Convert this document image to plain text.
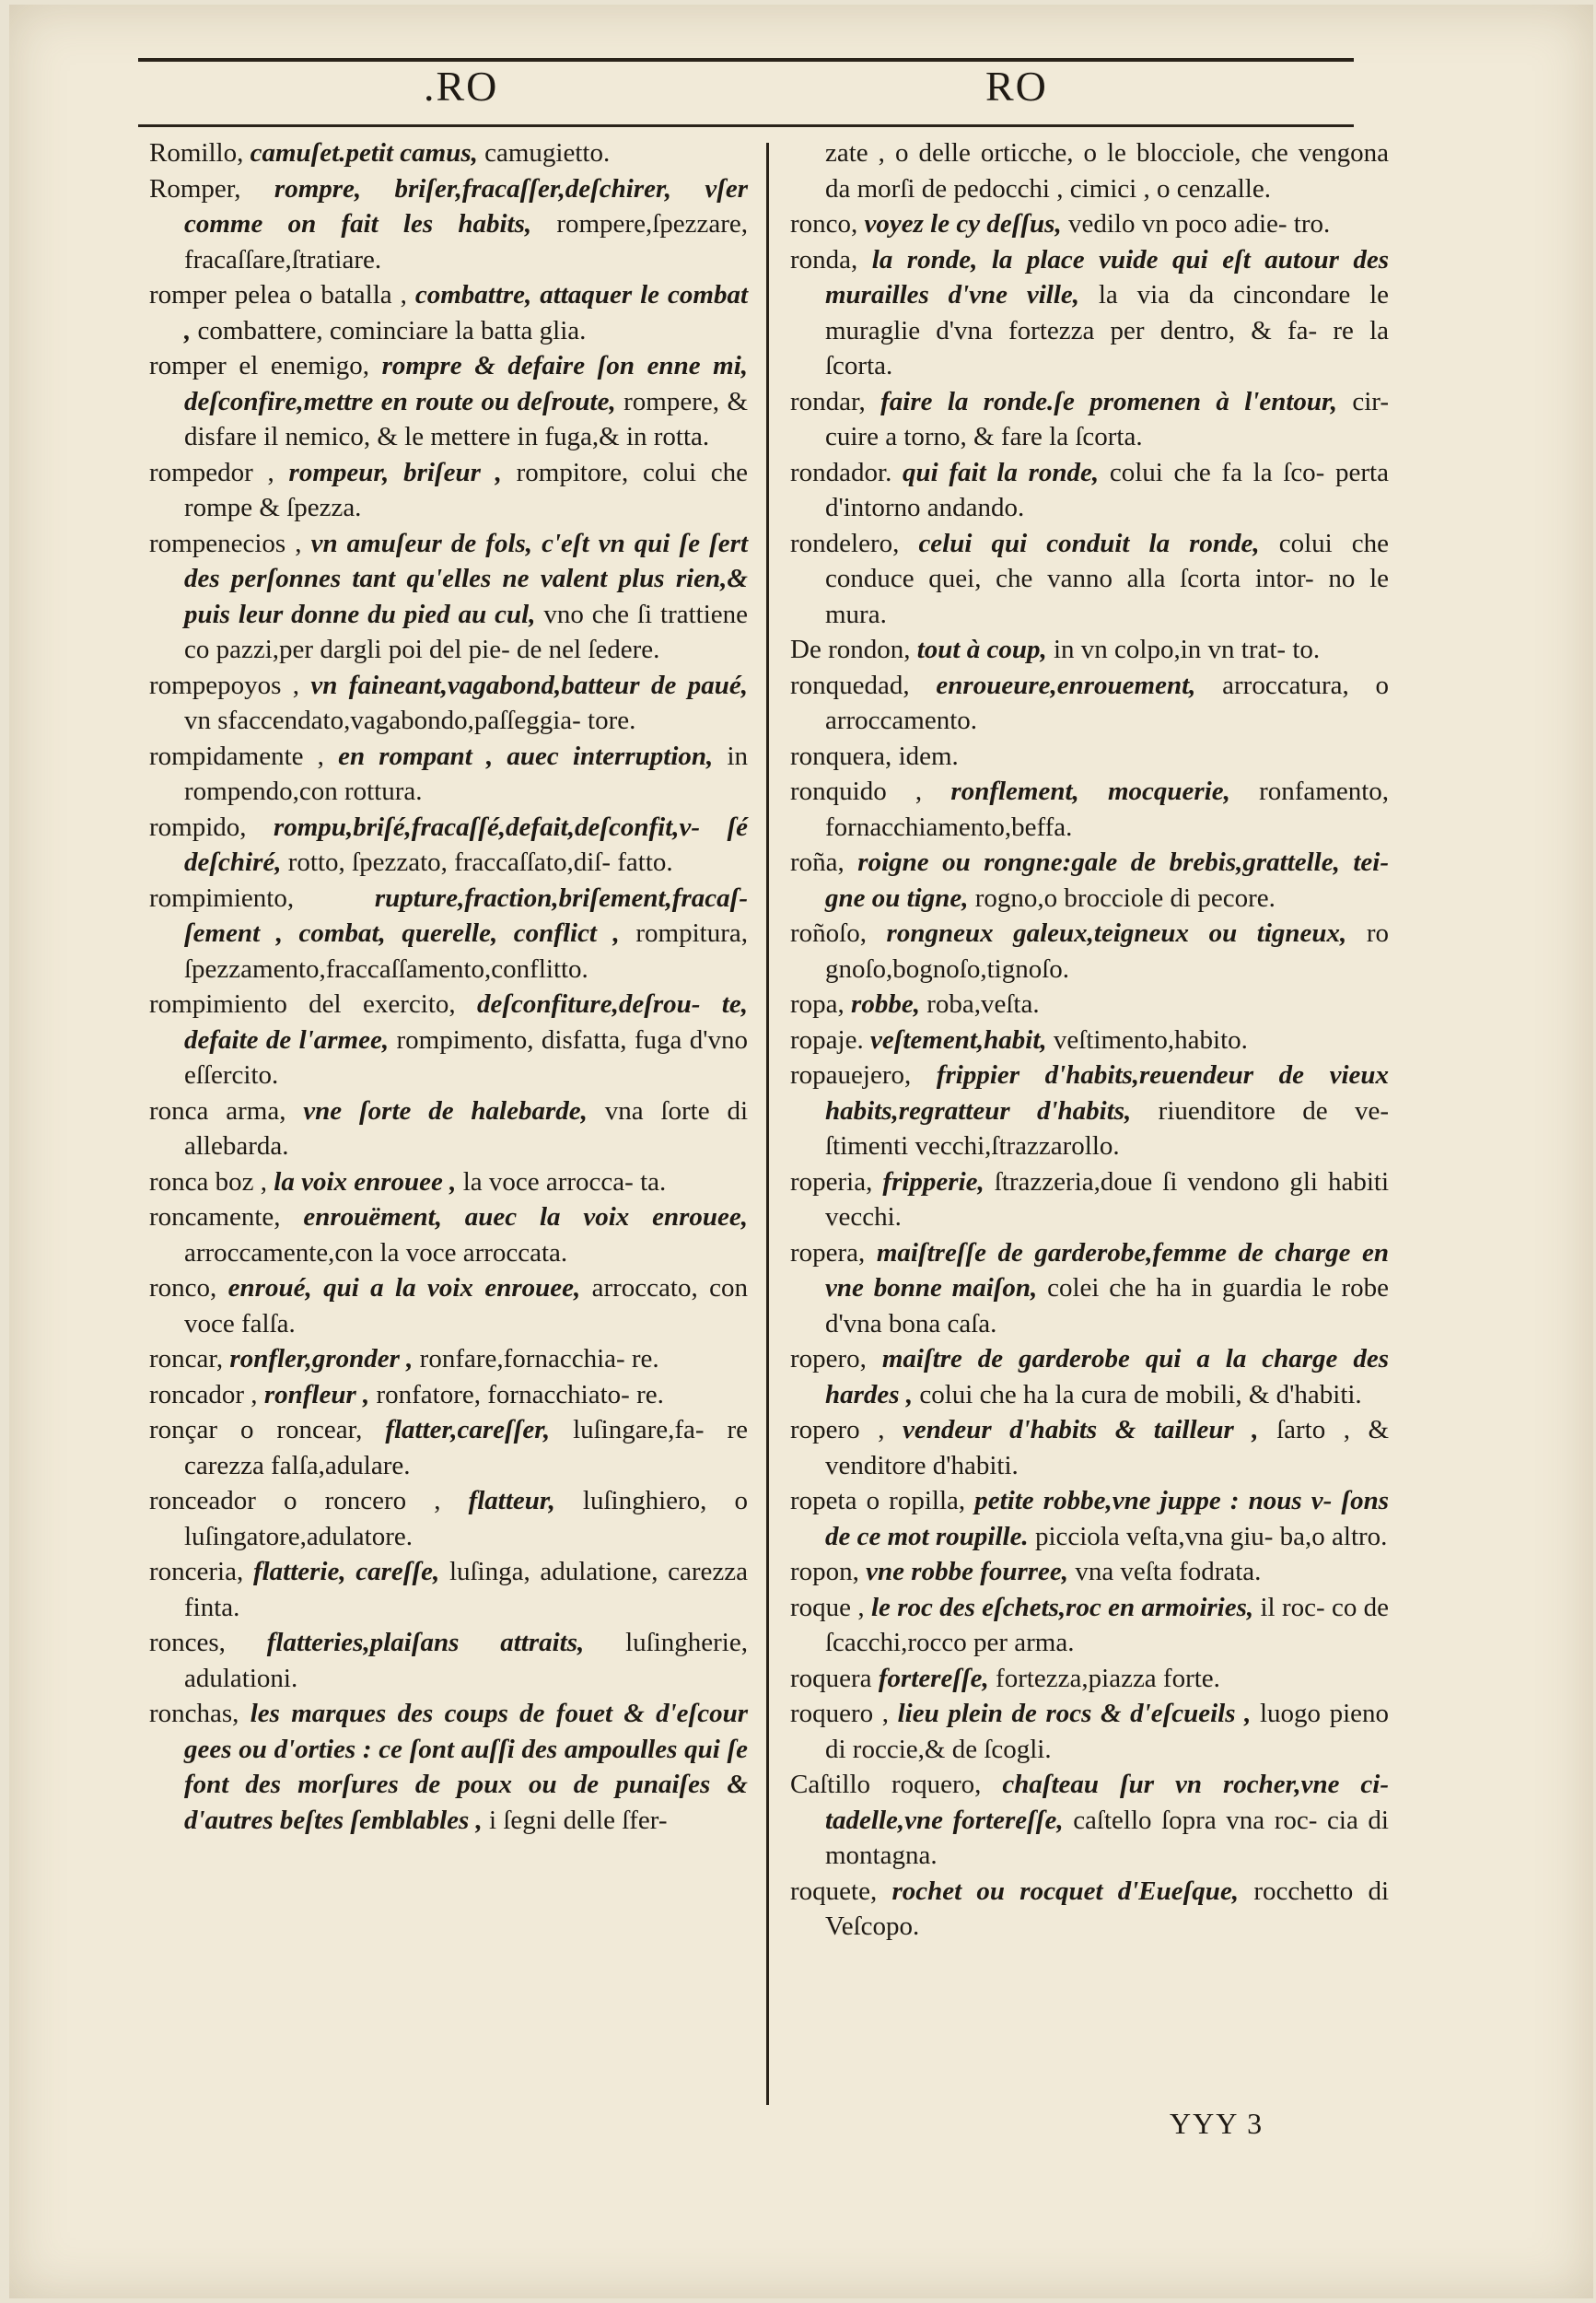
.RO	RO

Romillo, camuſet.petit camus, camugietto.

Romper, rompre, briſer,fracaſſer,deſchirer, vſer comme on fait les habits, rompere,ſpezzare, fracaſſare,ſtratiare.

romper pelea o batalla , combattre, attaquer le combat , combattere, cominciare la batta glia.

romper el enemigo, rompre & defaire ſon enne mi, deſconfire,mettre en route ou deſroute, rompere, & disfare il nemico, & le mettere in fuga,& in rotta.

rompedor , rompeur, briſeur , rompitore, colui che rompe & ſpezza.

rompenecios , vn amuſeur de fols, c'eſt vn qui ſe ſert des perſonnes tant qu'elles ne valent plus rien,& puis leur donne du pied au cul, vno che ſi trattiene co pazzi,per dargli poi del pie- de nel ſedere.

rompepoyos , vn faineant,vagabond,batteur de paué, vn sfaccendato,vagabondo,paſſeggia- tore.

rompidamente , en rompant , auec interruption, in rompendo,con rottura.

rompido, rompu,briſé,fracaſſé,defait,deſconfit,v- ſé deſchiré, rotto, ſpezzato, fraccaſſato,diſ- fatto.

rompimiento,	rupture,fraction,briſement,fracaſ- ſement , combat, querelle, conflict , rompitura, ſpezzamento,fraccaſſamento,conflitto.

rompimiento del exercito, deſconfiture,deſrou- te, defaite de l'armee, rompimento, disfatta, fuga d'vno eſſercito.

ronca arma, vne ſorte de halebarde, vna ſorte di allebarda.

ronca boz , la voix enrouee , la voce arrocca- ta.

roncamente, enrouëment, auec la voix enrouee, arroccamente,con la voce arroccata.

ronco, enroué, qui a la voix enrouee, arroccato, con voce falſa.

roncar, ronfler,gronder , ronfare,fornacchia- re.

roncador , ronfleur , ronfatore, fornacchiato- re.

ronçar o roncear, flatter,careſſer, luſingare,fa- re carezza falſa,adulare.

ronceador o roncero , flatteur, luſinghiero, o luſingatore,adulatore.

ronceria, flatterie, careſſe, luſinga, adulatione, carezza finta.

ronces, flatteries,plaiſans attraits, luſingherie, adulationi.

ronchas, les marques des coups de fouet & d'eſcour gees ou d'orties : ce ſont auſſi des ampoulles qui ſe font des morſures de poux ou de punaiſes & d'autres beſtes ſemblables , i ſegni delle ſfer-

zate , o delle orticche, o le blocciole, che vengona da morſi de pedocchi , cimici , o cenzalle.

ronco, voyez le cy deſſus, vedilo vn poco adie- tro.

ronda, la ronde, la place vuide qui eſt autour des murailles d'vne ville, la via da cincondare le muraglie d'vna fortezza per dentro, & fa- re la ſcorta.

rondar, faire la ronde.ſe promenen à l'entour, cir- cuire a torno, & fare la ſcorta.

rondador. qui fait la ronde, colui che fa la ſco- perta d'intorno andando.

rondelero, celui qui conduit la ronde, colui che conduce quei, che vanno alla ſcorta intor- no le mura.

De rondon, tout à coup, in vn colpo,in vn trat- to.

ronquedad, enroueure,enrouement, arroccatura, o arroccamento.

ronquera, idem.

ronquido , ronflement, mocquerie, ronfamento, fornacchiamento,beffa.

roña, roigne ou rongne:gale de brebis,grattelle, tei- gne ou tigne, rogno,o brocciole di pecore.

roñoſo, rongneux galeux,teigneux ou tigneux, ro gnoſo,bognoſo,tignoſo.

ropa, robbe, roba,veſta.

ropaje. veſtement,habit, veſtimento,habito.

ropauejero, frippier d'habits,reuendeur de vieux habits,regratteur d'habits, riuenditore de ve- ſtimenti vecchi,ſtrazzarollo.

roperia, fripperie, ſtrazzeria,doue ſi vendono gli habiti vecchi.

ropera, maiſtreſſe de garderobe,femme de charge en vne bonne maiſon, colei che ha in guardia le robe d'vna bona caſa.

ropero, maiſtre de garderobe qui a la charge des hardes , colui che ha la cura de mobili, & d'habiti.

ropero , vendeur d'habits & tailleur , ſarto , & venditore d'habiti.

ropeta o ropilla, petite robbe,vne juppe : nous v- ſons de ce mot roupille. picciola veſta,vna giu- ba,o altro.

ropon, vne robbe fourree, vna veſta fodrata.

roque , le roc des eſchets,roc en armoiries, il roc- co de ſcacchi,rocco per arma.

roquera fortereſſe, fortezza,piazza forte.

roquero , lieu plein de rocs & d'eſcueils , luogo pieno di roccie,& de ſcogli.

Caſtillo roquero, chaſteau ſur vn rocher,vne ci- tadelle,vne fortereſſe, caſtello ſopra vna roc- cia di montagna.

roquete, rochet ou rocquet d'Eueſque, rocchetto di Veſcopo.

YYY 3
